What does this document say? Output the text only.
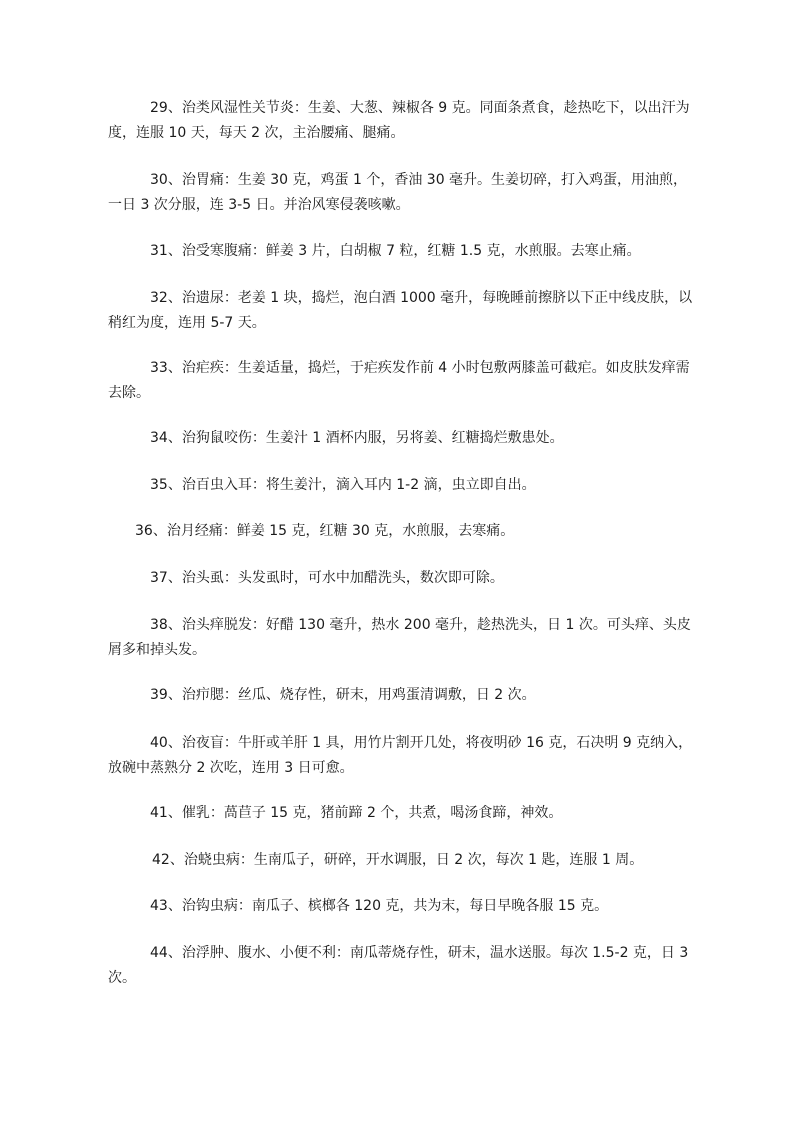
29、治类风湿性关节炎：生姜、大葱、辣椒各 9 克。同面条煮食，趁热吃下，以出汗为度，连服 10 天，每天 2 次，主治腰痛、腿痛。

30、治胃痛：生姜 30 克，鸡蛋 1 个，香油 30 毫升。生姜切碎，打入鸡蛋，用油煎，一日 3 次分服，连 3-5 日。并治风寒侵袭咳嗽。

31、治受寒腹痛：鲜姜 3 片，白胡椒 7 粒，红糖 1.5 克，水煎服。去寒止痛。

32、治遗尿：老姜 1 块，捣烂，泡白酒 1000 毫升，每晚睡前擦脐以下正中线皮肤，以稍红为度，连用 5-7 天。

33、治疟疾：生姜适量，捣烂，于疟疾发作前 4 小时包敷两膝盖可截疟。如皮肤发痒需去除。

34、治狗鼠咬伤：生姜汁 1 酒杯内服，另将姜、红糖捣烂敷患处。

35、治百虫入耳：将生姜汁，滴入耳内 1-2 滴，虫立即自出。

36、治月经痛：鲜姜 15 克，红糖 30 克，水煎服，去寒痛。

37、治头虱：头发虱时，可水中加醋洗头，数次即可除。

38、治头痒脱发：好醋 130 毫升，热水 200 毫升，趁热洗头，日 1 次。可头痒、头皮屑多和掉头发。

39、治疖腮：丝瓜、烧存性，研末，用鸡蛋清调敷，日 2 次。

40、治夜盲：牛肝或羊肝 1 具，用竹片割开几处，将夜明砂 16 克，石决明 9 克纳入，放碗中蒸熟分 2 次吃，连用 3 日可愈。

41、催乳：萵苣子 15 克，猪前蹄 2 个，共煮，喝汤食蹄，神效。

42、治蛲虫病：生南瓜子，研碎，开水调服，日 2 次，每次 1 匙，连服 1 周。

43、治钩虫病：南瓜子、槟榔各 120 克，共为末，每日早晚各服 15 克。

44、治浮肿、腹水、小便不利：南瓜蒂烧存性，研末，温水送服。每次 1.5-2 克，日 3 次。
